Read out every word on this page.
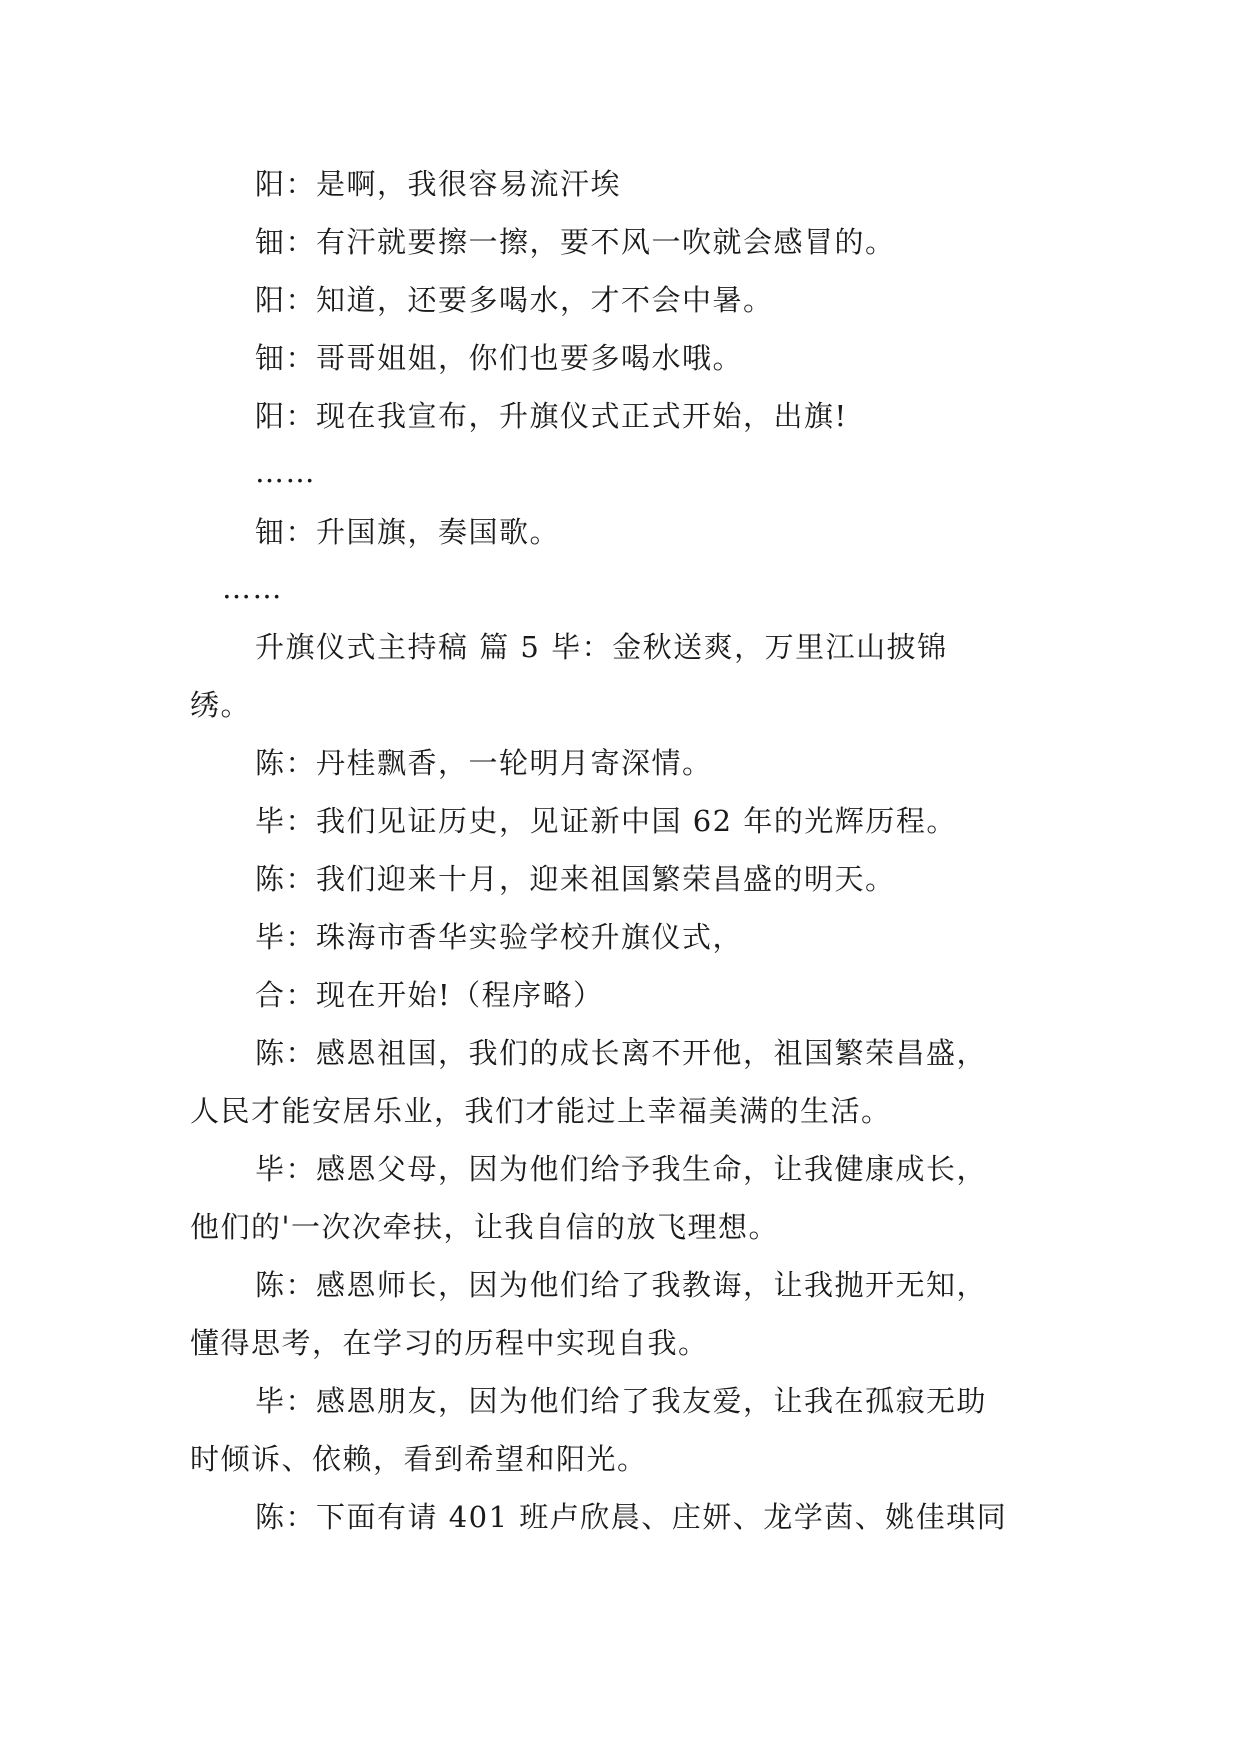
阳：是啊，我很容易流汗埃
钿：有汗就要擦一擦，要不风一吹就会感冒的。
阳：知道，还要多喝水，才不会中暑。
钿：哥哥姐姐，你们也要多喝水哦。
阳：现在我宣布，升旗仪式正式开始，出旗!
……
钿：升国旗，奏国歌。
……
升旗仪式主持稿 篇 5 毕：金秋送爽，万里江山披锦
绣。
陈：丹桂飘香，一轮明月寄深情。
毕：我们见证历史，见证新中国 62 年的光辉历程。
陈：我们迎来十月，迎来祖国繁荣昌盛的明天。
毕：珠海市香华实验学校升旗仪式，
合：现在开始!（程序略）
陈：感恩祖国，我们的成长离不开他，祖国繁荣昌盛，
人民才能安居乐业，我们才能过上幸福美满的生活。
毕：感恩父母，因为他们给予我生命，让我健康成长，
他们的'一次次牵扶，让我自信的放飞理想。
陈：感恩师长，因为他们给了我教诲，让我抛开无知，
懂得思考，在学习的历程中实现自我。
毕：感恩朋友，因为他们给了我友爱，让我在孤寂无助
时倾诉、依赖，看到希望和阳光。
陈：下面有请 401 班卢欣晨、庄妍、龙学茵、姚佳琪同
